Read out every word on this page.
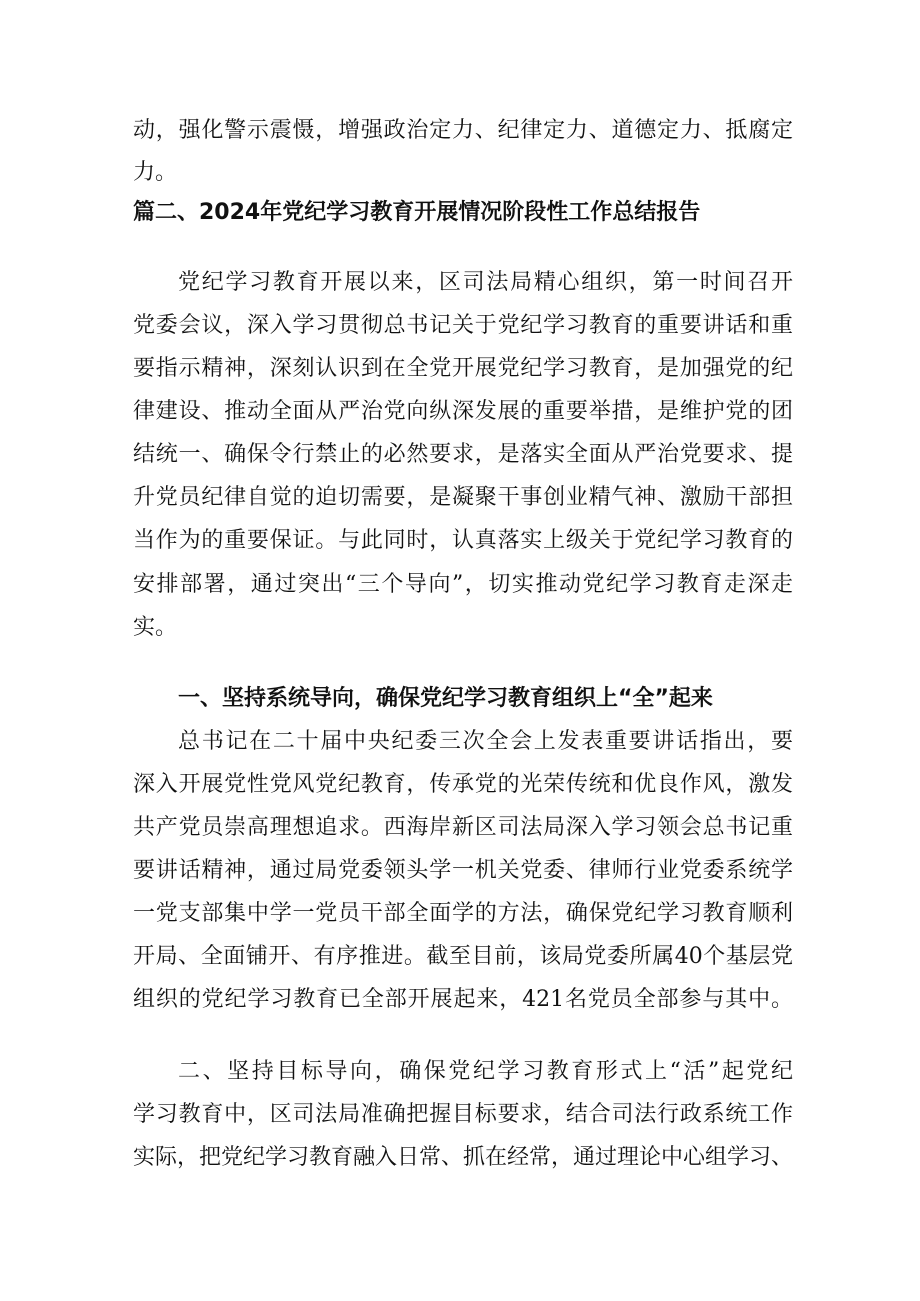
动，强化警示震慑，增强政治定力、纪律定力、道德定力、抵腐定
力。
篇二、2024年党纪学习教育开展情况阶段性工作总结报告
党纪学习教育开展以来，区司法局精心组织，第一时间召开
党委会议，深入学习贯彻总书记关于党纪学习教育的重要讲话和重
要指示精神，深刻认识到在全党开展党纪学习教育，是加强党的纪
律建设、推动全面从严治党向纵深发展的重要举措，是维护党的团
结统一、确保令行禁止的必然要求，是落实全面从严治党要求、提
升党员纪律自觉的迫切需要，是凝聚干事创业精气神、激励干部担
当作为的重要保证。与此同时，认真落实上级关于党纪学习教育的
安排部署，通过突出“三个导向”，切实推动党纪学习教育走深走
实。
一、坚持系统导向，确保党纪学习教育组织上“全”起来
总书记在二十届中央纪委三次全会上发表重要讲话指出，要
深入开展党性党风党纪教育，传承党的光荣传统和优良作风，激发
共产党员崇高理想追求。西海岸新区司法局深入学习领会总书记重
要讲话精神，通过局党委领头学一机关党委、律师行业党委系统学
一党支部集中学一党员干部全面学的方法，确保党纪学习教育顺利
开局、全面铺开、有序推进。截至目前，该局党委所属40个基层党
组织的党纪学习教育已全部开展起来，421名党员全部参与其中。
二、坚持目标导向，确保党纪学习教育形式上“活”起党纪
学习教育中，区司法局准确把握目标要求，结合司法行政系统工作
实际，把党纪学习教育融入日常、抓在经常，通过理论中心组学习、
